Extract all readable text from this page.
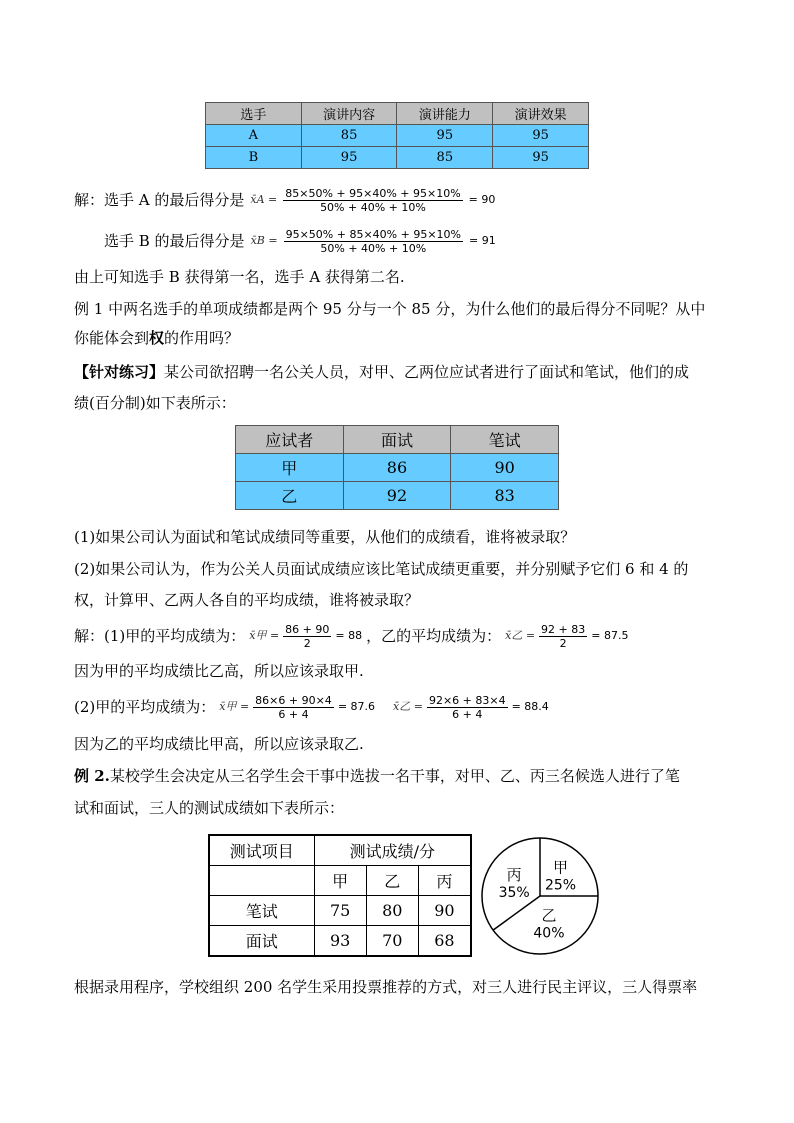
选手	演讲内容	演讲能力	演讲效果
A	85	95	95
B	95	85	95
解：选手 A 的最后得分是 x̄A = $\frac{85\times 50\% + 95\times 40\% + 95\times 10\%}{50\% + 40\% + 10\%} = 90$
选手 B 的最后得分是 x̄B = $\frac{95\times 50\% + 85\times 40\% + 95\times 10\%}{50\% + 40\% + 10\%} = 91$
由上可知选手 B 获得第一名，选手 A 获得第二名.
例 1 中两名选手的单项成绩都是两个 95 分与一个 85 分，为什么他们的最后得分不同呢？从中
你能体会到权的作用吗？
【针对练习】某公司欲招聘一名公关人员，对甲、乙两位应试者进行了面试和笔试，他们的成
绩(百分制)如下表所示：
应试者	面试	笔试
甲	86	90
乙	92	83
(1)如果公司认为面试和笔试成绩同等重要，从他们的成绩看，谁将被录取？
(2)如果公司认为，作为公关人员面试成绩应该比笔试成绩更重要，并分别赋予它们 6 和 4 的
权，计算甲、乙两人各自的平均成绩，谁将被录取？
解：(1)甲的平均成绩为： x̄甲 = $\frac{86 + 90}{2} = 88$ ，乙的平均成绩为： x̄乙 = $\frac{92 + 83}{2} = 87.5$
因为甲的平均成绩比乙高，所以应该录取甲.
(2)甲的平均成绩为： x̄甲 = $\frac{86\times 6 + 90\times 4}{6 + 4} = 87.6$ x̄乙 = $\frac{92\times 6 + 83\times 4}{6 + 4} = 88.4$
因为乙的平均成绩比甲高，所以应该录取乙.
例 2.某校学生会决定从三名学生会干事中选拔一名干事，对甲、乙、丙三名候选人进行了笔
试和面试，三人的测试成绩如下表所示：
测试项目	测试成绩/分		
	甲	乙	丙
笔试	75	80	90
面试	93	70	68
甲
25%
乙
40%
丙
35%
根据录用程序，学校组织 200 名学生采用投票推荐的方式，对三人进行民主评议，三人得票率
